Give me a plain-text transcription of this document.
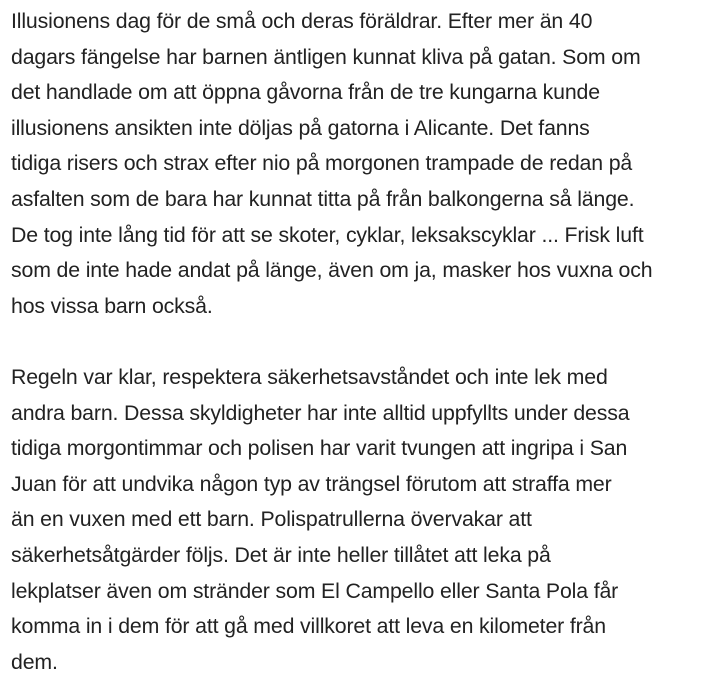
Illusionens dag för de små och deras föräldrar. Efter mer än 40
dagars fängelse har barnen äntligen kunnat kliva på gatan. Som om
det handlade om att öppna gåvorna från de tre kungarna kunde
illusionens ansikten inte döljas på gatorna i Alicante. Det fanns
tidiga risers och strax efter nio på morgonen trampade de redan på
asfalten som de bara har kunnat titta på från balkongerna så länge.
De tog inte lång tid för att se skoter, cyklar, leksakscyklar ... Frisk luft
som de inte hade andat på länge, även om ja, masker hos vuxna och
hos vissa barn också.

Regeln var klar, respektera säkerhetsavståndet och inte lek med
andra barn. Dessa skyldigheter har inte alltid uppfyllts under dessa
tidiga morgontimmar och polisen har varit tvungen att ingripa i San
Juan för att undvika någon typ av trängsel förutom att straffa mer
än en vuxen med ett barn. Polispatrullerna övervakar att
säkerhetsåtgärder följs. Det är inte heller tillåtet att leka på
lekplatser även om stränder som El Campello eller Santa Pola får
komma in i dem för att gå med villkoret att leva en kilometer från
dem.
